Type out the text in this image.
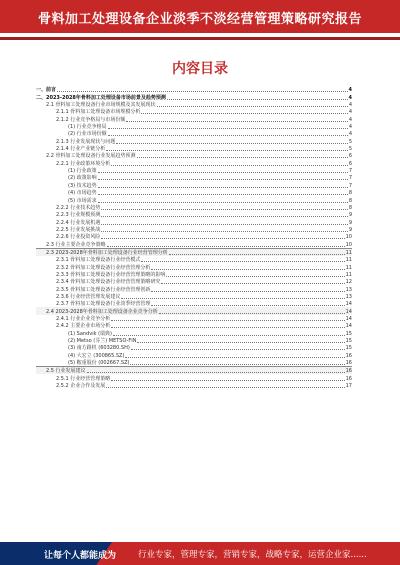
骨料加工处理设备企业淡季不淡经营管理策略研究报告
内容目录
一、前言	4
二、2023-2028年骨料加工处理设备市场前景及趋势预测	4
2.1 骨料加工处理设备行业市场规模及其发展现状	4
2.1.1 骨料加工处理设备市场规模分析	4
2.1.2 行业竞争格局与市场份额	4
(1) 行业竞争格局	4
(2) 行业市场份额	4
2.1.3 行业发展现状与问题	5
2.1.4 行业产业链分析	5
2.2 骨料加工处理设备行业发展趋势预测	6
2.2.1 行业政策环境分析	6
(1) 行业政策	7
(2) 政策影响	7
(3) 技术趋势	7
(4) 市场趋势	8
(5) 市场需求	8
2.2.2 行业技术趋势	8
2.2.3 行业规模预测	9
2.2.4 行业发展机遇	9
2.2.5 行业发展挑战	9
2.2.6 行业投资风险	10
2.3 行业主要企业竞争策略	10
2.3 2023-2028年骨料加工处理设备行业经营管理分析	11
2.3.1 骨料加工处理设备行业经营模式	11
2.3.2 骨料加工处理设备行业经营管理分析	11
2.3.3 骨料加工处理设备行业经营管理策略的影响	11
2.3.4 骨料加工处理设备行业经营管理策略研究	12
2.3.5 骨料加工处理设备行业经营管理创新	13
2.3.6 行业经营管理发展建议	13
2.3.7 骨料加工处理设备行业淡季经营管理	14
2.4 2023-2028年骨料加工处理设备企业竞争分析	14
2.4.1 行业企业竞争分析	14
2.4.2 主要企业市场分析	14
(1) Sandvik (瑞典)	15
(2) Metso (芬兰) METSO-FIN	15
(3) 南方路机 (603280.SH)	15
(4) 大宏立 (300865.SZ)	16
(5) 鞍重股份 (002667.SZ)	16
2.5 行业发展建议	16
2.5.1 行业经营管理策略	16
2.5.2 企业合作及发展	17
让每个人都能成为	行业专家，管理专家，营销专家，战略专家，运营企业家......
